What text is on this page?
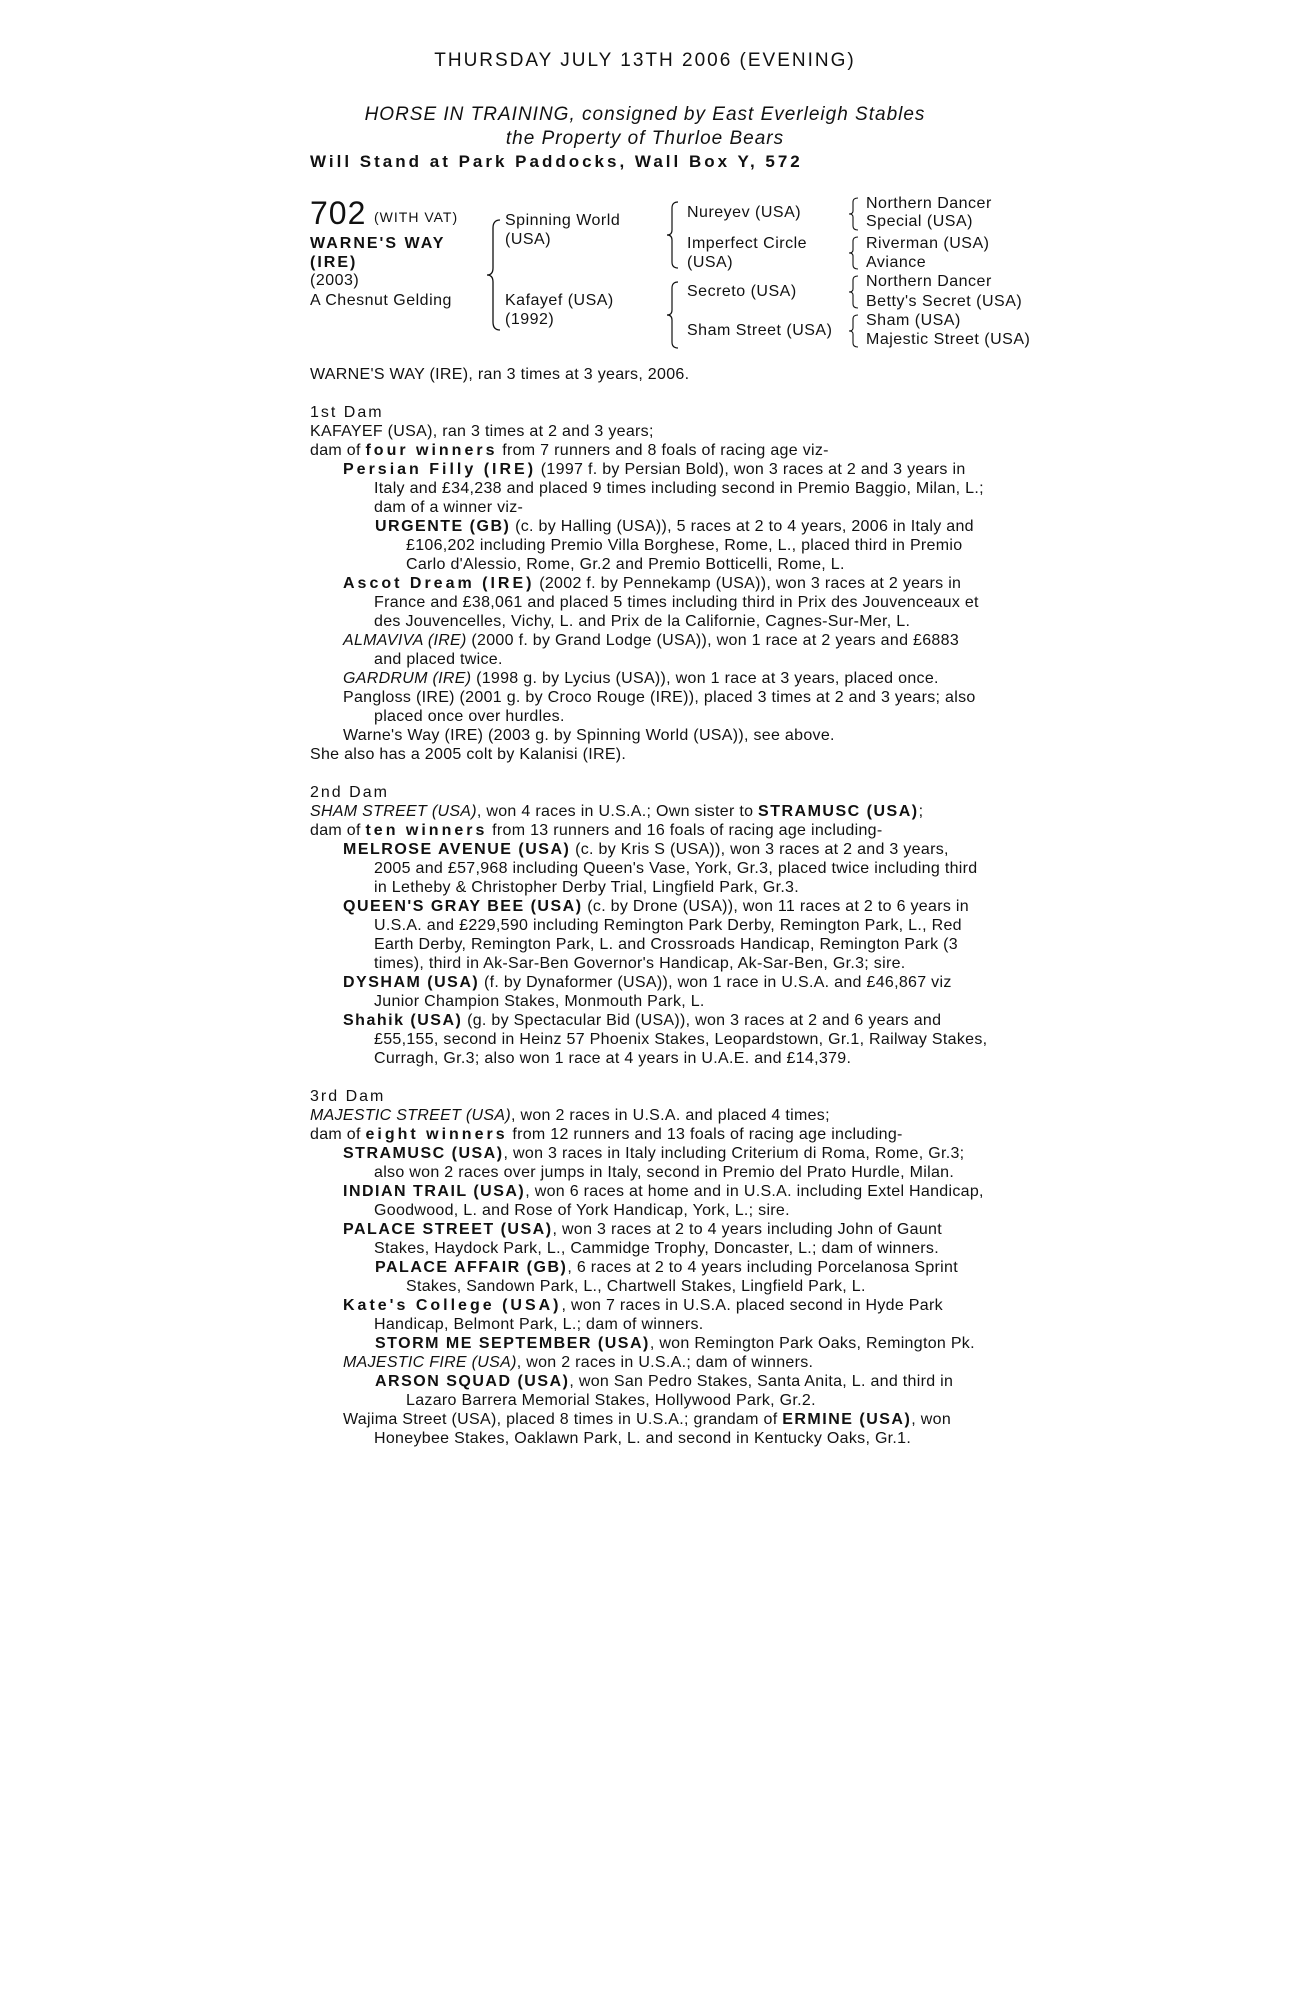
THURSDAY JULY 13TH 2006 (EVENING)
HORSE IN TRAINING, consigned by East Everleigh Stables
the Property of Thurloe Bears
Will Stand at Park Paddocks, Wall Box Y, 572
702 (WITH VAT)
WARNE'S WAY
(IRE)
(2003)
A Chesnut Gelding
Spinning World
(USA)
Kafayef (USA)
(1992)
Nureyev (USA)
Imperfect Circle
(USA)
Secreto (USA)
Sham Street (USA)
Northern Dancer
Special (USA)
Riverman (USA)
Aviance
Northern Dancer
Betty's Secret (USA)
Sham (USA)
Majestic Street (USA)

WARNE'S WAY (IRE), ran 3 times at 3 years, 2006.

1st Dam

KAFAYEF (USA), ran 3 times at 2 and 3 years;

dam of four winners from 7 runners and 8 foals of racing age viz-

Persian Filly (IRE) (1997 f. by Persian Bold), won 3 races at 2 and 3 years in Italy and £34,238 and placed 9 times including second in Premio Baggio, Milan, L.; dam of a winner viz-

URGENTE (GB) (c. by Halling (USA)), 5 races at 2 to 4 years, 2006 in Italy and £106,202 including Premio Villa Borghese, Rome, L., placed third in Premio Carlo d'Alessio, Rome, Gr.2 and Premio Botticelli, Rome, L.

Ascot Dream (IRE) (2002 f. by Pennekamp (USA)), won 3 races at 2 years in France and £38,061 and placed 5 times including third in Prix des Jouvenceaux et des Jouvencelles, Vichy, L. and Prix de la Californie, Cagnes-Sur-Mer, L.

ALMAVIVA (IRE) (2000 f. by Grand Lodge (USA)), won 1 race at 2 years and £6883 and placed twice.

GARDRUM (IRE) (1998 g. by Lycius (USA)), won 1 race at 3 years, placed once.

Pangloss (IRE) (2001 g. by Croco Rouge (IRE)), placed 3 times at 2 and 3 years; also placed once over hurdles.

Warne's Way (IRE) (2003 g. by Spinning World (USA)), see above.

She also has a 2005 colt by Kalanisi (IRE).

2nd Dam

SHAM STREET (USA), won 4 races in U.S.A.; Own sister to STRAMUSC (USA);

dam of ten winners from 13 runners and 16 foals of racing age including-

MELROSE AVENUE (USA) (c. by Kris S (USA)), won 3 races at 2 and 3 years, 2005 and £57,968 including Queen's Vase, York, Gr.3, placed twice including third in Letheby & Christopher Derby Trial, Lingfield Park, Gr.3.

QUEEN'S GRAY BEE (USA) (c. by Drone (USA)), won 11 races at 2 to 6 years in U.S.A. and £229,590 including Remington Park Derby, Remington Park, L., Red Earth Derby, Remington Park, L. and Crossroads Handicap, Remington Park (3 times), third in Ak-Sar-Ben Governor's Handicap, Ak-Sar-Ben, Gr.3; sire.

DYSHAM (USA) (f. by Dynaformer (USA)), won 1 race in U.S.A. and £46,867 viz Junior Champion Stakes, Monmouth Park, L.

Shahik (USA) (g. by Spectacular Bid (USA)), won 3 races at 2 and 6 years and £55,155, second in Heinz 57 Phoenix Stakes, Leopardstown, Gr.1, Railway Stakes, Curragh, Gr.3; also won 1 race at 4 years in U.A.E. and £14,379.

3rd Dam

MAJESTIC STREET (USA), won 2 races in U.S.A. and placed 4 times;

dam of eight winners from 12 runners and 13 foals of racing age including-

STRAMUSC (USA), won 3 races in Italy including Criterium di Roma, Rome, Gr.3; also won 2 races over jumps in Italy, second in Premio del Prato Hurdle, Milan.

INDIAN TRAIL (USA), won 6 races at home and in U.S.A. including Extel Handicap, Goodwood, L. and Rose of York Handicap, York, L.; sire.

PALACE STREET (USA), won 3 races at 2 to 4 years including John of Gaunt Stakes, Haydock Park, L., Cammidge Trophy, Doncaster, L.; dam of winners.

PALACE AFFAIR (GB), 6 races at 2 to 4 years including Porcelanosa Sprint Stakes, Sandown Park, L., Chartwell Stakes, Lingfield Park, L.

Kate's College (USA), won 7 races in U.S.A. placed second in Hyde Park Handicap, Belmont Park, L.; dam of winners.

STORM ME SEPTEMBER (USA), won Remington Park Oaks, Remington Pk.

MAJESTIC FIRE (USA), won 2 races in U.S.A.; dam of winners.

ARSON SQUAD (USA), won San Pedro Stakes, Santa Anita, L. and third in Lazaro Barrera Memorial Stakes, Hollywood Park, Gr.2.

Wajima Street (USA), placed 8 times in U.S.A.; grandam of ERMINE (USA), won Honeybee Stakes, Oaklawn Park, L. and second in Kentucky Oaks, Gr.1.
